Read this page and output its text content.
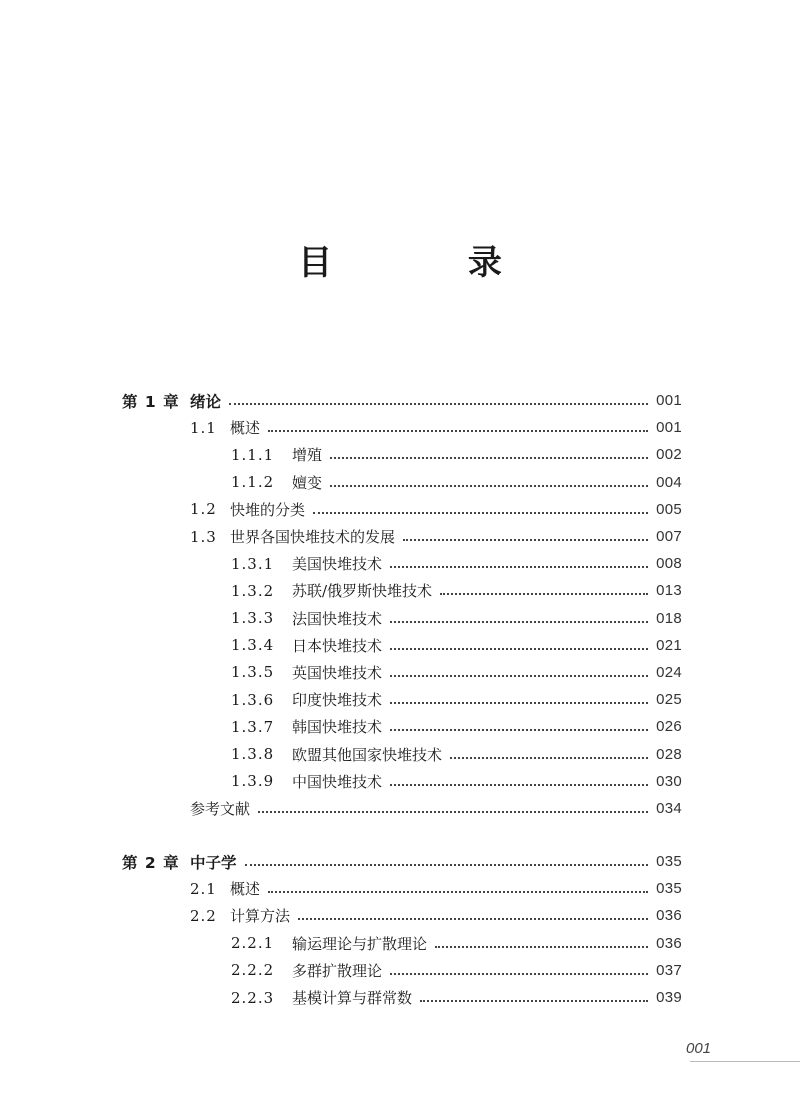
目 录
第 1 章 绪论	001
1.1 概述	001
1.1.1	增殖	002
1.1.2	嬗变	004
1.2 快堆的分类	005
1.3 世界各国快堆技术的发展	007
1.3.1	美国快堆技术	008
1.3.2	苏联/俄罗斯快堆技术	013
1.3.3	法国快堆技术	018
1.3.4	日本快堆技术	021
1.3.5	英国快堆技术	024
1.3.6	印度快堆技术	025
1.3.7	韩国快堆技术	026
1.3.8	欧盟其他国家快堆技术	028
1.3.9	中国快堆技术	030
参考文献	034
第 2 章 中子学	035
2.1 概述	035
2.2 计算方法	036
2.2.1	输运理论与扩散理论	036
2.2.2	多群扩散理论	037
2.2.3	基模计算与群常数	039
001
